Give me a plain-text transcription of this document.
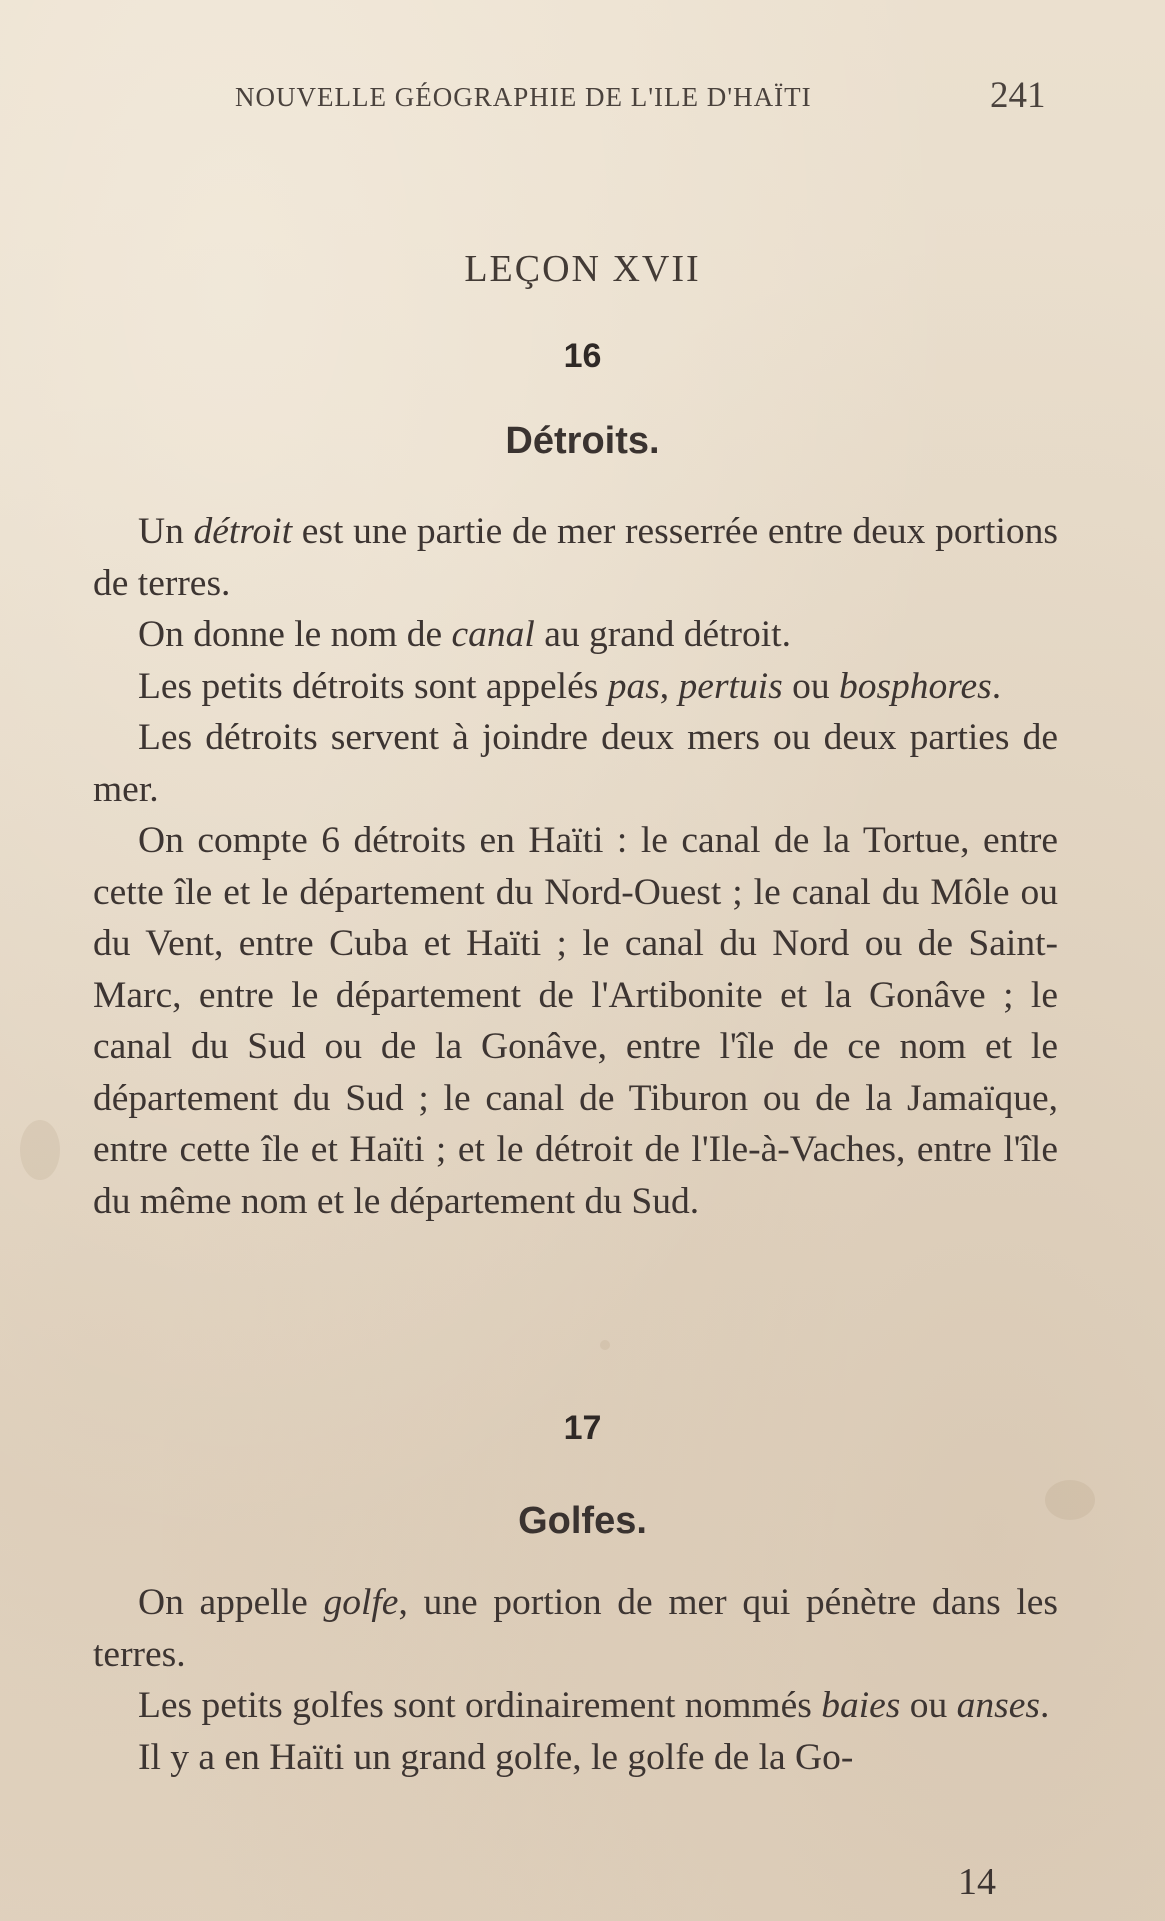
NOUVELLE GÉOGRAPHIE DE L'ILE D'HAÏTI	241
LEÇON XVII
16
Détroits.

Un détroit est une partie de mer resserrée entre deux portions de terres.

On donne le nom de canal au grand détroit.

Les petits détroits sont appelés pas, pertuis ou bosphores.

Les détroits servent à joindre deux mers ou deux parties de mer.

On compte 6 détroits en Haïti : le canal de la Tortue, entre cette île et le département du Nord-Ouest ; le canal du Môle ou du Vent, entre Cuba et Haïti ; le canal du Nord ou de Saint-Marc, entre le département de l'Artibonite et la Gonâve ; le canal du Sud ou de la Gonâve, entre l'île de ce nom et le département du Sud ; le canal de Tiburon ou de la Jamaïque, entre cette île et Haïti ; et le détroit de l'Ile-à-Vaches, entre l'île du même nom et le département du Sud.

17
Golfes.

On appelle golfe, une portion de mer qui pénètre dans les terres.

Les petits golfes sont ordinairement nommés baies ou anses.

Il y a en Haïti un grand golfe, le golfe de la Go-

14
